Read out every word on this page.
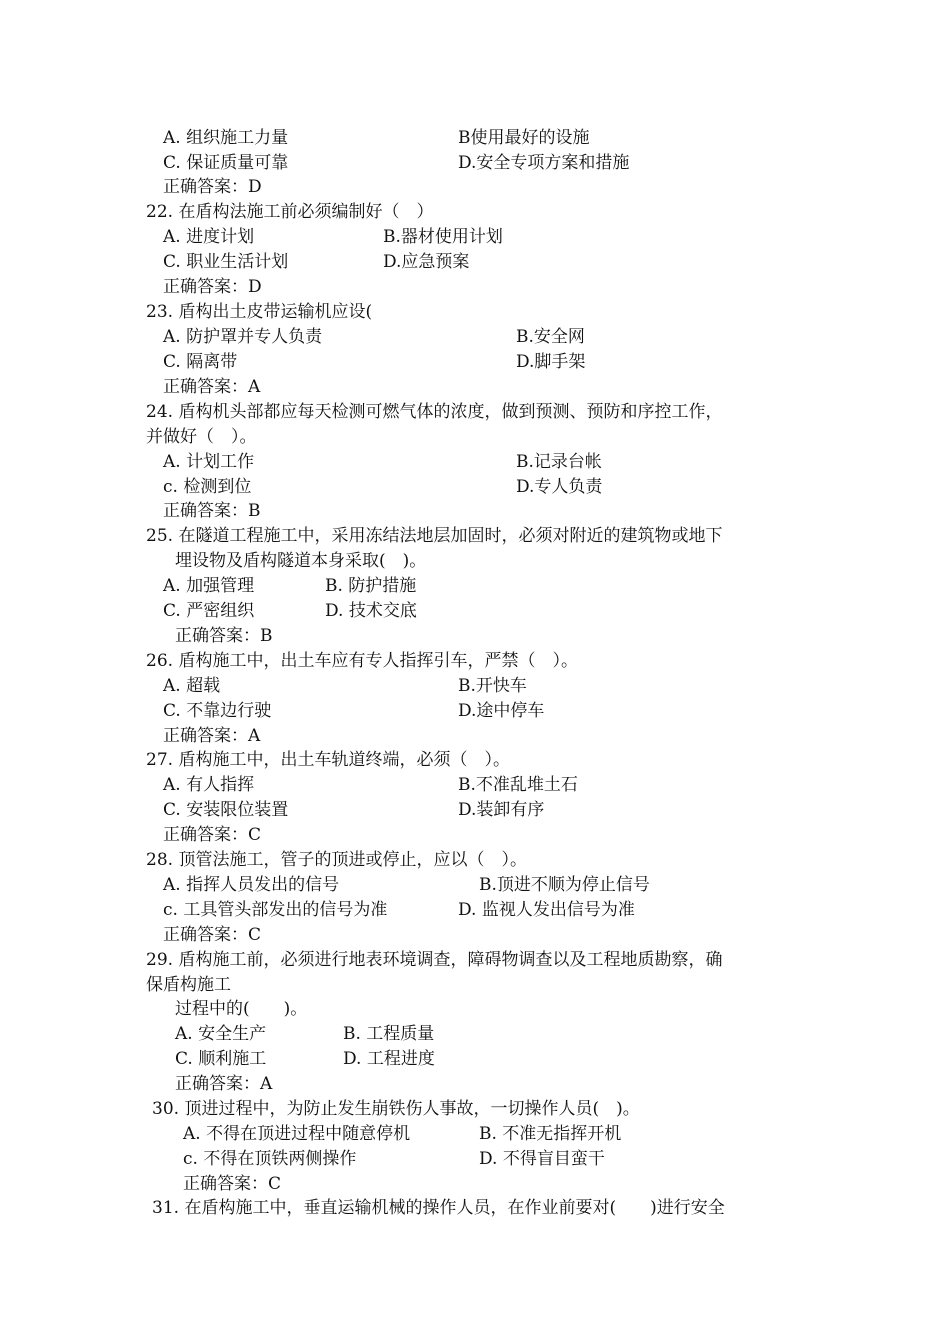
A. 组织施工力量	B使用最好的设施
C. 保证质量可靠	D.安全专项方案和措施
正确答案：D
22. 在盾构法施工前必须编制好（　）
A. 进度计划	B.器材使用计划
C. 职业生活计划	D.应急预案
正确答案：D
23. 盾构出土皮带运输机应设(
A. 防护罩并专人负责	B.安全网
C. 隔离带	D.脚手架
正确答案：A
24. 盾构机头部都应每天检测可燃气体的浓度，做到预测、预防和序控工作，
并做好（　）。
A. 计划工作	B.记录台帐
c. 检测到位	D.专人负责
正确答案：B
25. 在隧道工程施工中，采用冻结法地层加固时，必须对附近的建筑物或地下
埋设物及盾构隧道本身采取(　)。
A. 加强管理	B. 防护措施
C. 严密组织	D. 技术交底
正确答案：B
26. 盾构施工中，出土车应有专人指挥引车，严禁（　）。
A. 超载	B.开快车
C. 不靠边行驶	D.途中停车
正确答案：A
27. 盾构施工中，出土车轨道终端，必须（　）。
A. 有人指挥	B.不准乱堆土石
C. 安装限位装置	D.装卸有序
正确答案：C
28. 顶管法施工，管子的顶进或停止，应以（　）。
A. 指挥人员发出的信号	B.顶进不顺为停止信号
c. 工具管头部发出的信号为准	D. 监视人发出信号为准
正确答案：C
29. 盾构施工前，必须进行地表环境调查，障碍物调查以及工程地质勘察，确
保盾构施工
过程中的(　　)。
A. 安全生产	B. 工程质量
C. 顺利施工	D. 工程进度
正确答案：A
30. 顶进过程中，为防止发生崩铁伤人事故，一切操作人员(　)。
A. 不得在顶进过程中随意停机	B. 不准无指挥开机
c. 不得在顶铁两侧操作	D. 不得盲目蛮干
正确答案：C
31. 在盾构施工中，垂直运输机械的操作人员，在作业前要对(　　)进行安全
